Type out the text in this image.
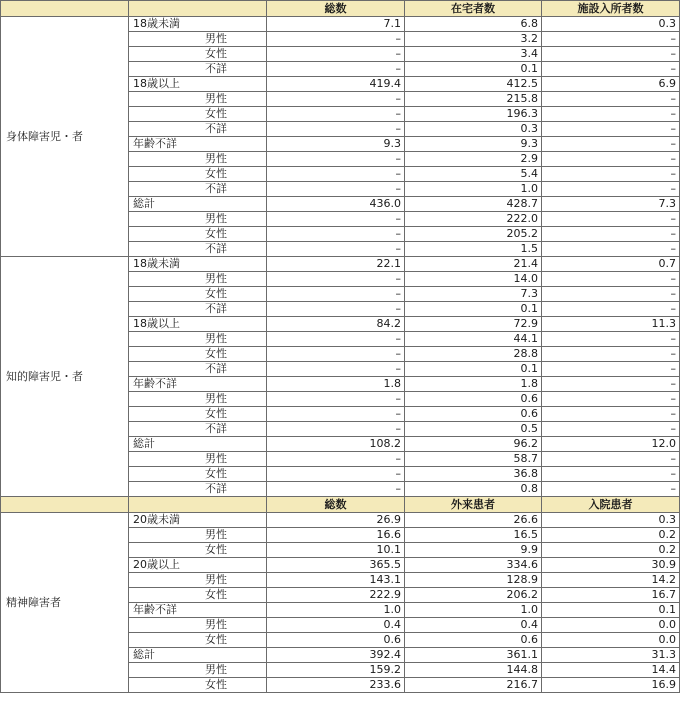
		総数	在宅者数	施設入所者数
身体障害児・者	18歳未満	7.1	6.8	0.3
	男性	–	3.2	–
	女性	–	3.4	–
	不詳	–	0.1	–
	18歳以上	419.4	412.5	6.9
	男性	–	215.8	–
	女性	–	196.3	–
	不詳	–	0.3	–
	年齢不詳	9.3	9.3	–
	男性	–	2.9	–
	女性	–	5.4	–
	不詳	–	1.0	–
	総計	436.0	428.7	7.3
	男性	–	222.0	–
	女性	–	205.2	–
	不詳	–	1.5	–
知的障害児・者	18歳未満	22.1	21.4	0.7
	男性	–	14.0	–
	女性	–	7.3	–
	不詳	–	0.1	–
	18歳以上	84.2	72.9	11.3
	男性	–	44.1	–
	女性	–	28.8	–
	不詳	–	0.1	–
	年齢不詳	1.8	1.8	–
	男性	–	0.6	–
	女性	–	0.6	–
	不詳	–	0.5	–
	総計	108.2	96.2	12.0
	男性	–	58.7	–
	女性	–	36.8	–
	不詳	–	0.8	–
		総数	外来患者	入院患者
精神障害者	20歳未満	26.9	26.6	0.3
	男性	16.6	16.5	0.2
	女性	10.1	9.9	0.2
	20歳以上	365.5	334.6	30.9
	男性	143.1	128.9	14.2
	女性	222.9	206.2	16.7
	年齢不詳	1.0	1.0	0.1
	男性	0.4	0.4	0.0
	女性	0.6	0.6	0.0
	総計	392.4	361.1	31.3
	男性	159.2	144.8	14.4
	女性	233.6	216.7	16.9
